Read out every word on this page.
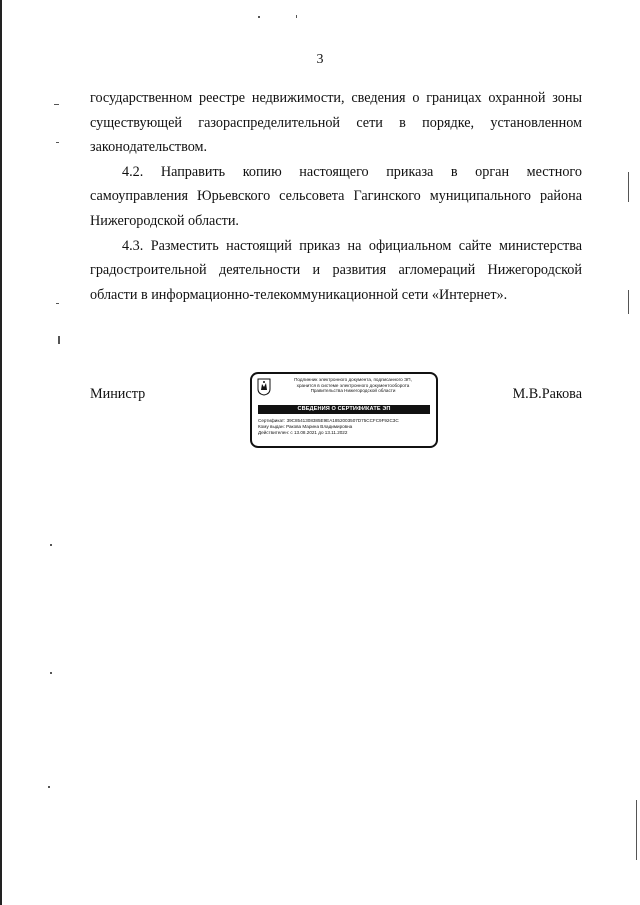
3

государственном реестре недвижимости, сведения о границах охранной зоны
существующей газораспределительной сети в порядке, установленном
законодательством.

4.2. Направить копию настоящего приказа в орган местного
самоуправления Юрьевского сельсовета Гагинского муниципального района
Нижегородской области.

4.3. Разместить настоящий приказ на официальном сайте министерства
градостроительной деятельности и развития агломераций Нижегородской
области в информационно-телекоммуникационной сети «Интернет».

Министр
Подлинник электронного документа, подписанного ЭП,
хранится в системе электронного документооборота
Правительства Нижегородской области
СВЕДЕНИЯ О СЕРТИФИКАТЕ ЭП
Сертификат: 39C8541308385E9EA1852003507D75CCFC9F92C3C
Кому выдан: Ракова Марина Владимировна
Действителен: с 13.08.2021 до 13.11.2022
М.В.Ракова
